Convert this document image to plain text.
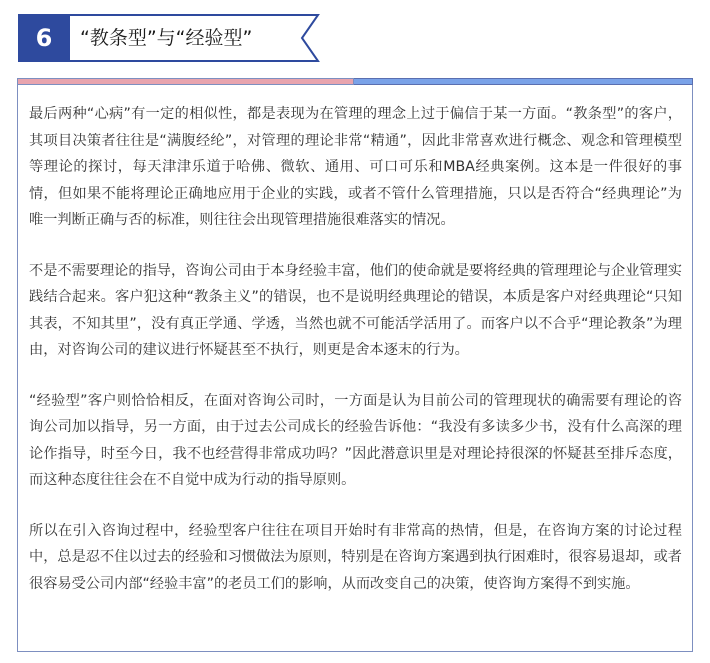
6	“教条型”与“经验型”

最后两种“心病”有一定的相似性，都是表现为在管理的理念上过于偏信于某一方面。“教条型”的客户，其项目决策者往往是“满腹经纶”，对管理的理论非常“精通”，因此非常喜欢进行概念、观念和管理模型等理论的探讨，每天津津乐道于哈佛、微软、通用、可口可乐和MBA经典案例。这本是一件很好的事情，但如果不能将理论正确地应用于企业的实践，或者不管什么管理措施，只以是否符合“经典理论”为唯一判断正确与否的标准，则往往会出现管理措施很难落实的情况。

不是不需要理论的指导，咨询公司由于本身经验丰富，他们的使命就是要将经典的管理理论与企业管理实践结合起来。客户犯这种“教条主义”的错误，也不是说明经典理论的错误，本质是客户对经典理论“只知其表，不知其里”，没有真正学通、学透，当然也就不可能活学活用了。而客户以不合乎“理论教条”为理由，对咨询公司的建议进行怀疑甚至不执行，则更是舍本逐末的行为。

“经验型”客户则恰恰相反，在面对咨询公司时，一方面是认为目前公司的管理现状的确需要有理论的咨询公司加以指导，另一方面，由于过去公司成长的经验告诉他：“我没有多读多少书，没有什么高深的理论作指导，时至今日，我不也经营得非常成功吗？”因此潜意识里是对理论持很深的怀疑甚至排斥态度，而这种态度往往会在不自觉中成为行动的指导原则。

所以在引入咨询过程中，经验型客户往往在项目开始时有非常高的热情，但是，在咨询方案的讨论过程中，总是忍不住以过去的经验和习惯做法为原则，特别是在咨询方案遇到执行困难时，很容易退却，或者很容易受公司内部“经验丰富”的老员工们的影响，从而改变自己的决策，使咨询方案得不到实施。
